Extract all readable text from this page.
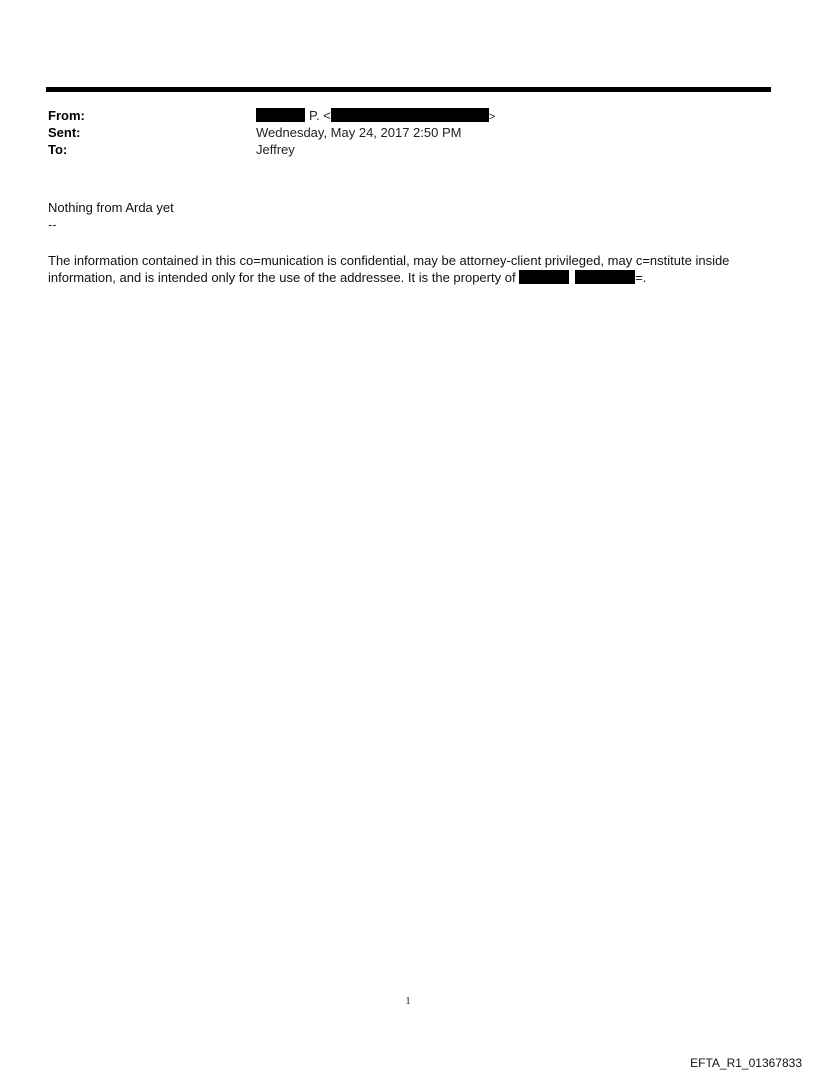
From:	P. <	>
Sent:	Wednesday, May 24, 2017 2:50 PM
To:	Jeffrey
Nothing from Arda yet
--
The information contained in this co=munication is confidential, may be attorney-client privileged, may c=nstitute inside
information, and is intended only for the use of the addressee. It is the property of	=.
1
EFTA_R1_01367833
